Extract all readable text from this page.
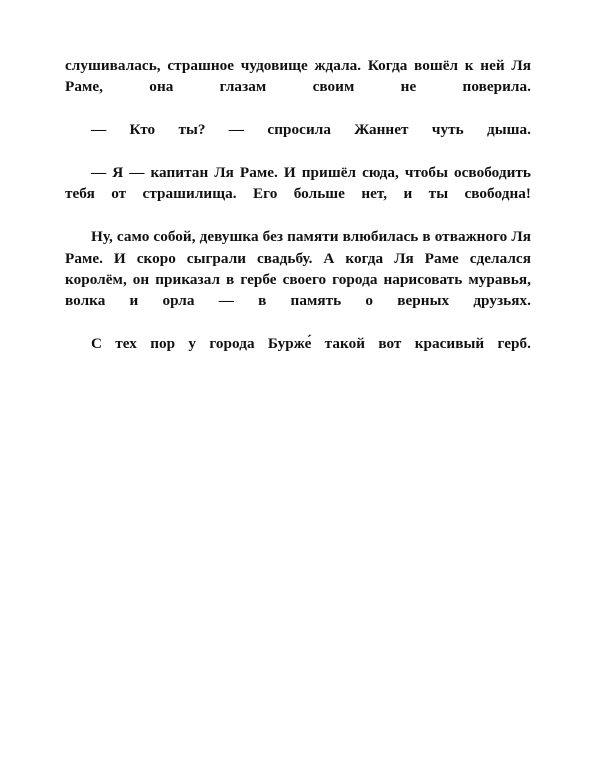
слушивалась, страшное чудовище ждала. Когда вошёл к ней Ля Раме, она глазам своим не поверила.

— Кто ты? — спросила Жаннет чуть дыша.

— Я — капитан Ля Раме. И пришёл сюда, чтобы освободить тебя от страшилища. Его больше нет, и ты свободна!

Ну, само собой, девушка без памяти влюбилась в отважного Ля Раме. И скоро сыграли свадьбу. А когда Ля Раме сделался королём, он приказал в гербе своего города нарисовать муравья, волка и орла — в память о верных друзьях.

С тех пор у города Бурже́ такой вот красивый герб.
